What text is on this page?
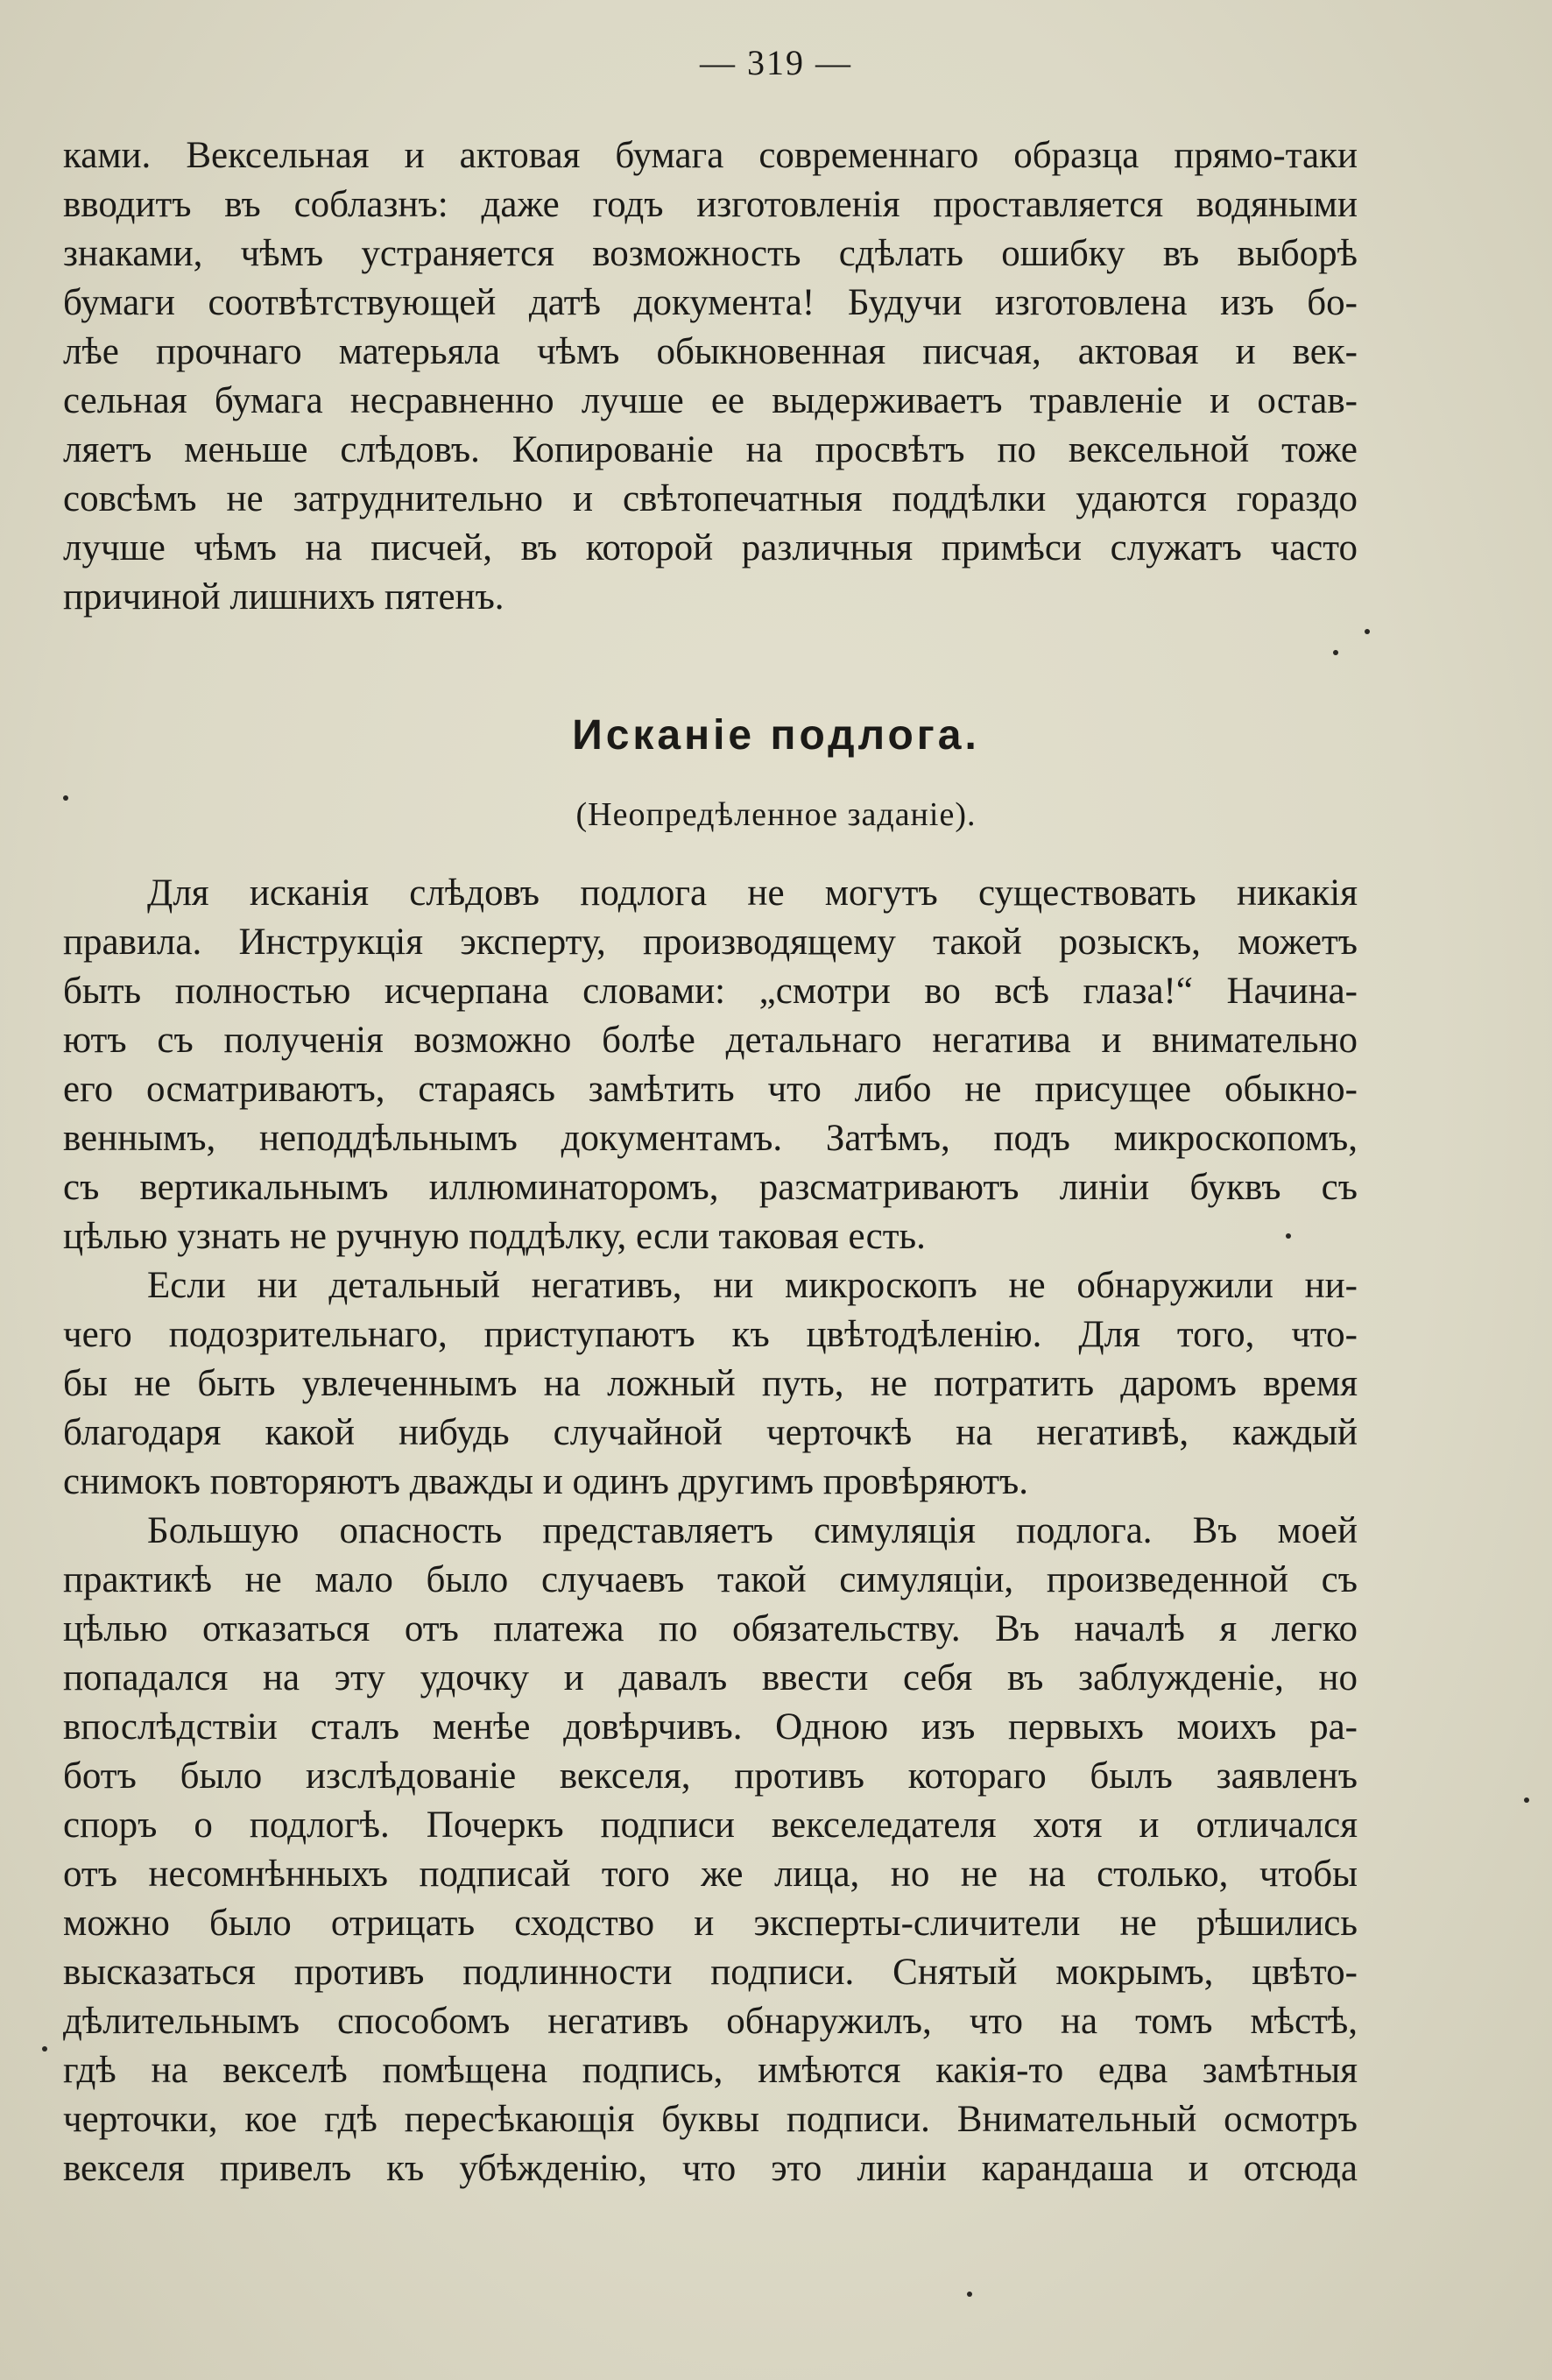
— 319 —
ками. Вексельная и актовая бумага современнаго образца прямо-таки
вводитъ въ соблазнъ: даже годъ изготовленія проставляется водяными
знаками, чѣмъ устраняется возможность сдѣлать ошибку въ выборѣ
бумаги соотвѣтствующей датѣ документа! Будучи изготовлена изъ бо-
лѣе прочнаго матерьяла чѣмъ обыкновенная писчая, актовая и век-
сельная бумага несравненно лучше ее выдерживаетъ травленіе и остав-
ляетъ меньше слѣдовъ. Копированіе на просвѣтъ по вексельной тоже
совсѣмъ не затруднительно и свѣтопечатныя поддѣлки удаются гораздо
лучше чѣмъ на писчей, въ которой различныя примѣси служатъ часто
причиной лишнихъ пятенъ.
Исканіе подлога.
(Неопредѣленное заданіе).
Для исканія слѣдовъ подлога не могутъ существовать никакія
правила. Инструкція эксперту, производящему такой розыскъ, можетъ
быть полностью исчерпана словами: „смотри во всѣ глаза!“ Начина-
ютъ съ полученія возможно болѣе детальнаго негатива и внимательно
его осматриваютъ, стараясь замѣтить что либо не присущее обыкно-
веннымъ, неподдѣльнымъ документамъ. Затѣмъ, подъ микроскопомъ,
съ вертикальнымъ иллюминаторомъ, разсматриваютъ линіи буквъ съ
цѣлью узнать не ручную поддѣлку, если таковая есть.
Если ни детальный негативъ, ни микроскопъ не обнаружили ни-
чего подозрительнаго, приступаютъ къ цвѣтодѣленію. Для того, что-
бы не быть увлеченнымъ на ложный путь, не потратить даромъ время
благодаря какой нибудь случайной черточкѣ на негативѣ, каждый
снимокъ повторяютъ дважды и одинъ другимъ провѣряютъ.
Большую опасность представляетъ симуляція подлога. Въ моей
практикѣ не мало было случаевъ такой симуляціи, произведенной съ
цѣлью отказаться отъ платежа по обязательству. Въ началѣ я легко
попадался на эту удочку и давалъ ввести себя въ заблужденіе, но
впослѣдствіи сталъ менѣе довѣрчивъ. Одною изъ первыхъ моихъ ра-
ботъ было изслѣдованіе векселя, противъ котораго былъ заявленъ
споръ о подлогѣ. Почеркъ подписи векселедателя хотя и отличался
отъ несомнѣнныхъ подписай того же лица, но не на столько, чтобы
можно было отрицать сходство и эксперты-сличители не рѣшились
высказаться противъ подлинности подписи. Снятый мокрымъ, цвѣто-
дѣлительнымъ способомъ негативъ обнаружилъ, что на томъ мѣстѣ,
гдѣ на векселѣ помѣщена подпись, имѣются какія-то едва замѣтныя
черточки, кое гдѣ пересѣкающія буквы подписи. Внимательный осмотръ
векселя привелъ къ убѣжденію, что это линіи карандаша и отсюда
